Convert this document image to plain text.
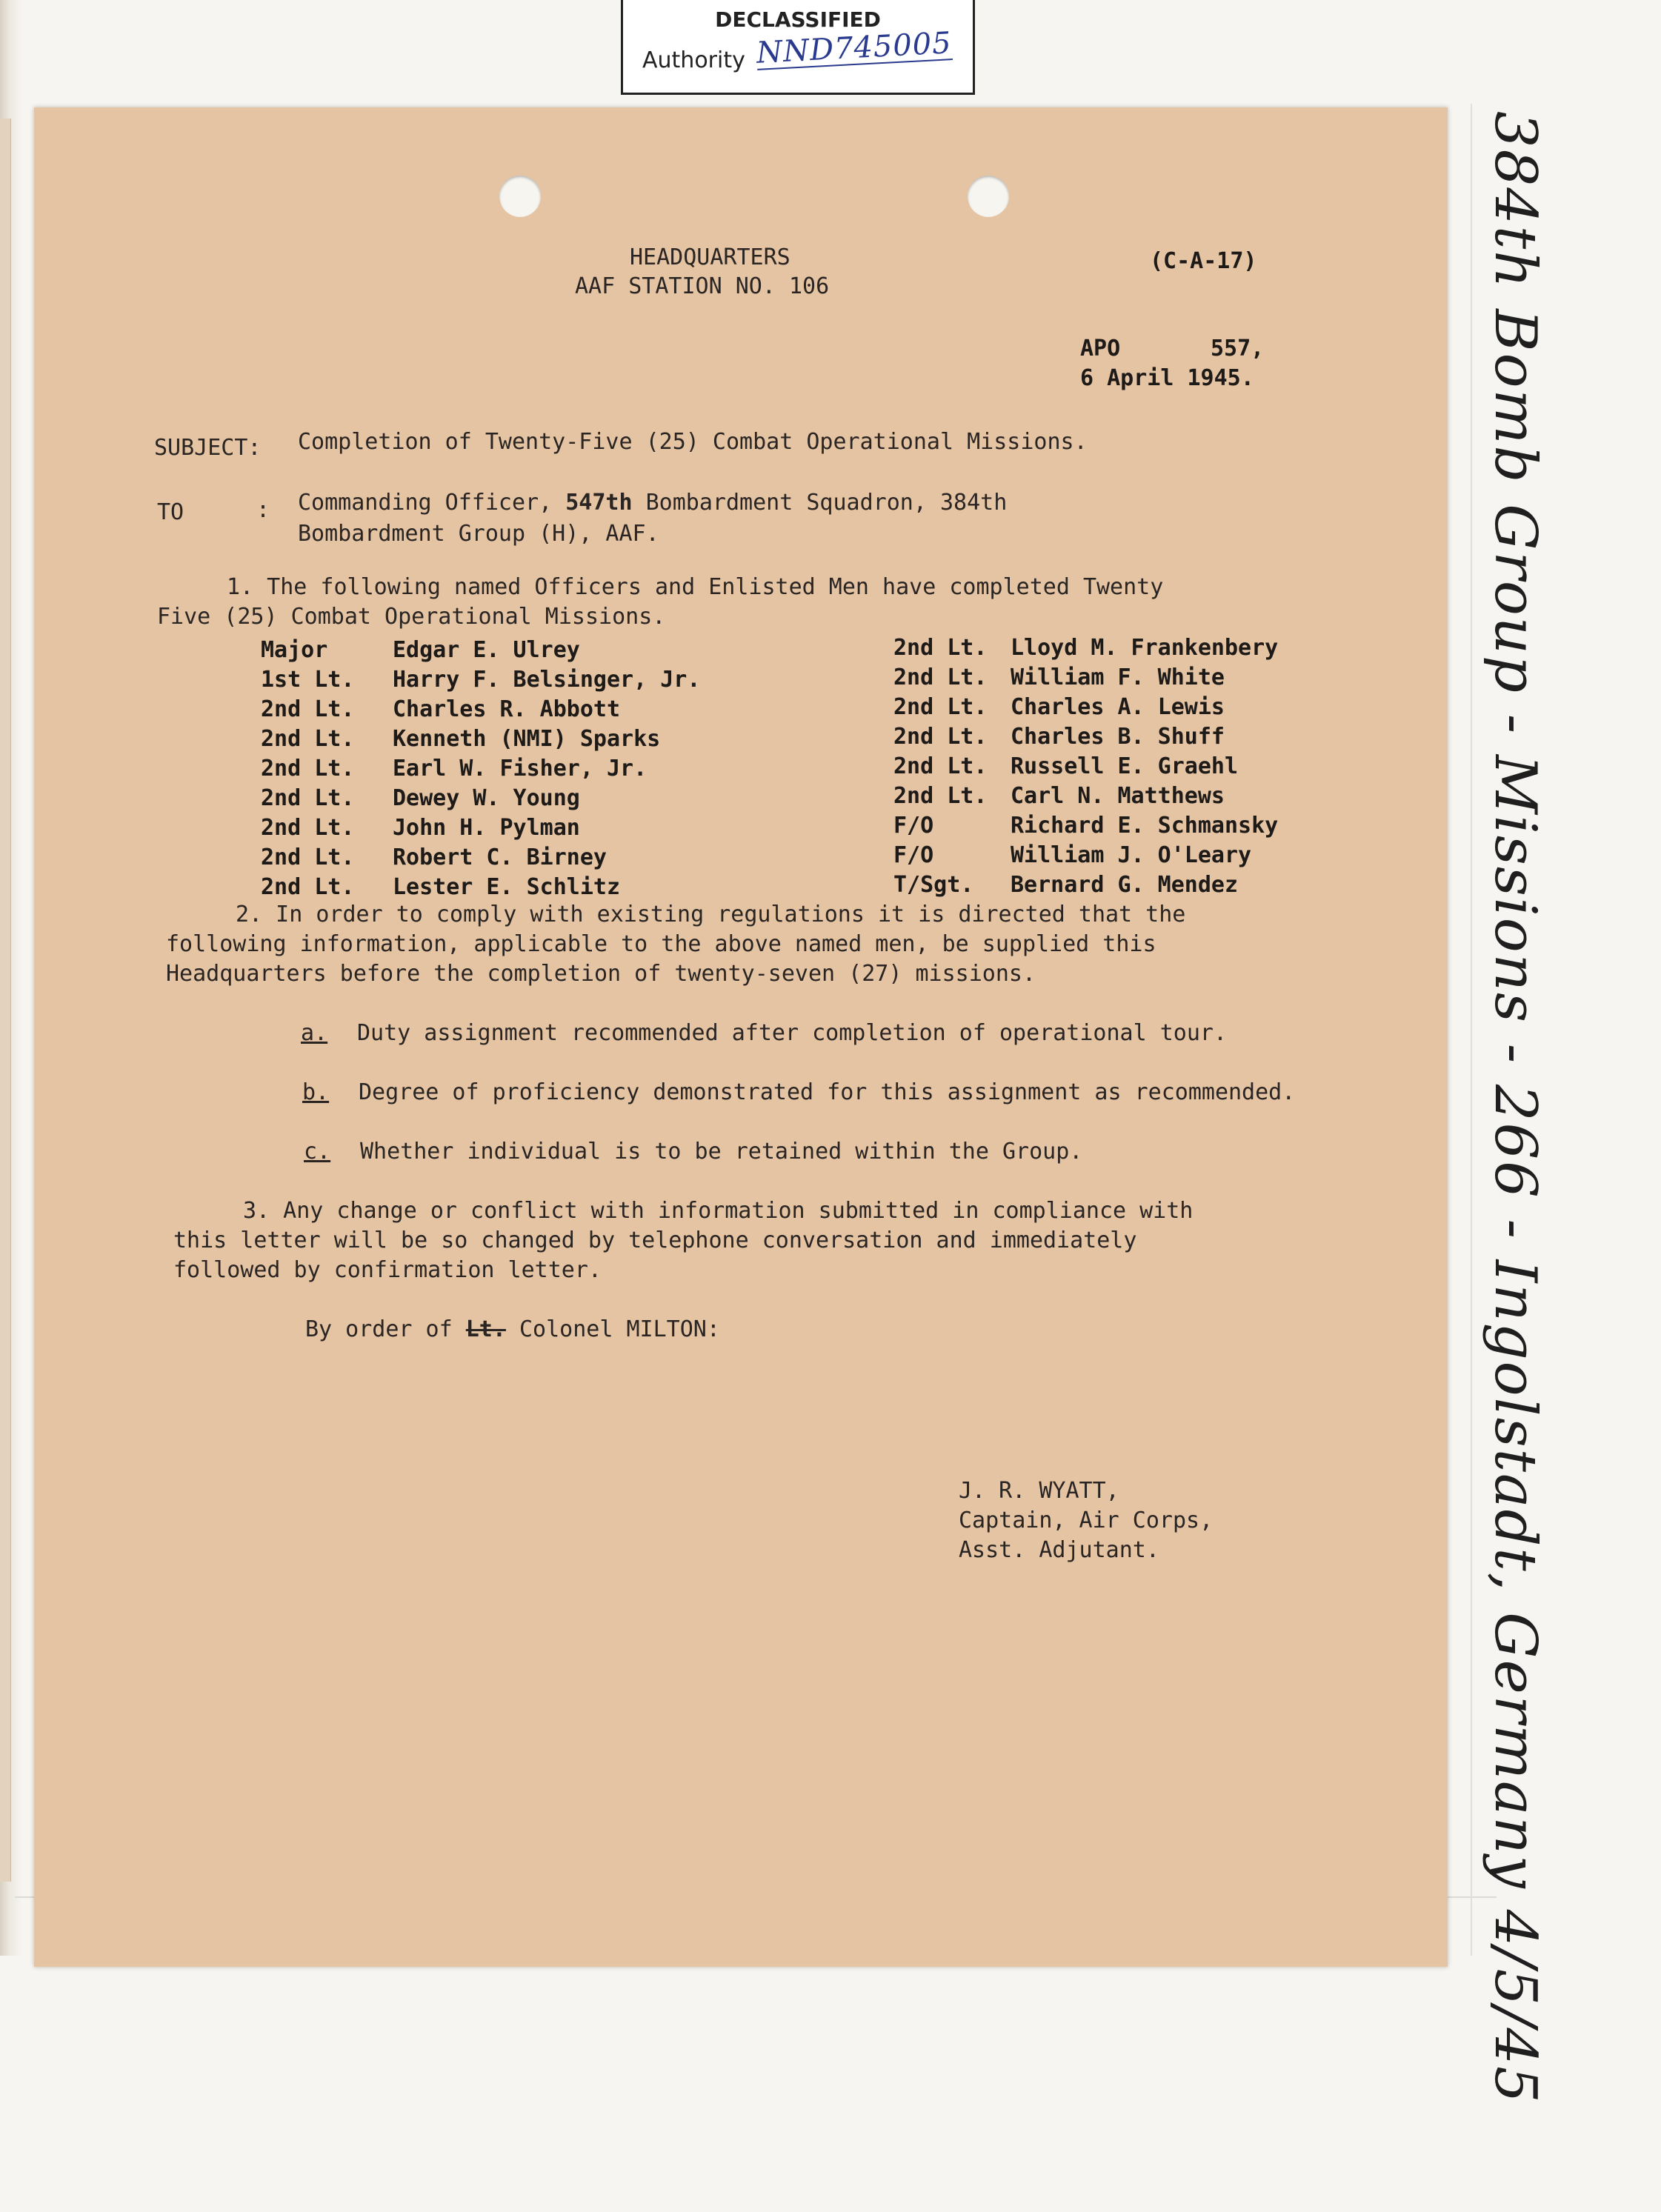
DECLASSIFIED
Authority NND745005
HEADQUARTERS
AAF STATION NO. 106
(C-A-17)
APO	557,
6 April 1945.
SUBJECT: Completion of Twenty-Five (25) Combat Operational Missions.
TO	: Commanding Officer, 547th Bombardment Squadron, 384th
Bombardment Group (H), AAF.
1. The following named Officers and Enlisted Men have completed Twenty
Five (25) Combat Operational Missions.
Major	Edgar E. Ulrey
1st Lt. Harry F. Belsinger, Jr.
2nd Lt. Charles R. Abbott
2nd Lt. Kenneth (NMI) Sparks
2nd Lt. Earl W. Fisher, Jr.
2nd Lt. Dewey W. Young
2nd Lt. John H. Pylman
2nd Lt. Robert C. Birney
2nd Lt. Lester E. Schlitz
2nd Lt. Lloyd M. Frankenbery
2nd Lt. William F. White
2nd Lt. Charles A. Lewis
2nd Lt. Charles B. Shuff
2nd Lt. Russell E. Graehl
2nd Lt. Carl N. Matthews
F/O	Richard E. Schmansky
F/O	William J. O'Leary
T/Sgt. Bernard G. Mendez
2. In order to comply with existing regulations it is directed that the
following information, applicable to the above named men, be supplied this
Headquarters before the completion of twenty-seven (27) missions.
a. Duty assignment recommended after completion of operational tour.
b. Degree of proficiency demonstrated for this assignment as recommended.
c. Whether individual is to be retained within the Group.
3. Any change or conflict with information submitted in compliance with
this letter will be so changed by telephone conversation and immediately
followed by confirmation letter.
By order of Lt. Colonel MILTON:
J. R. WYATT,
Captain, Air Corps,
Asst. Adjutant.	384th Bomb Group - Missions - 266 - Ingolstadt, Germany 4/5/45
